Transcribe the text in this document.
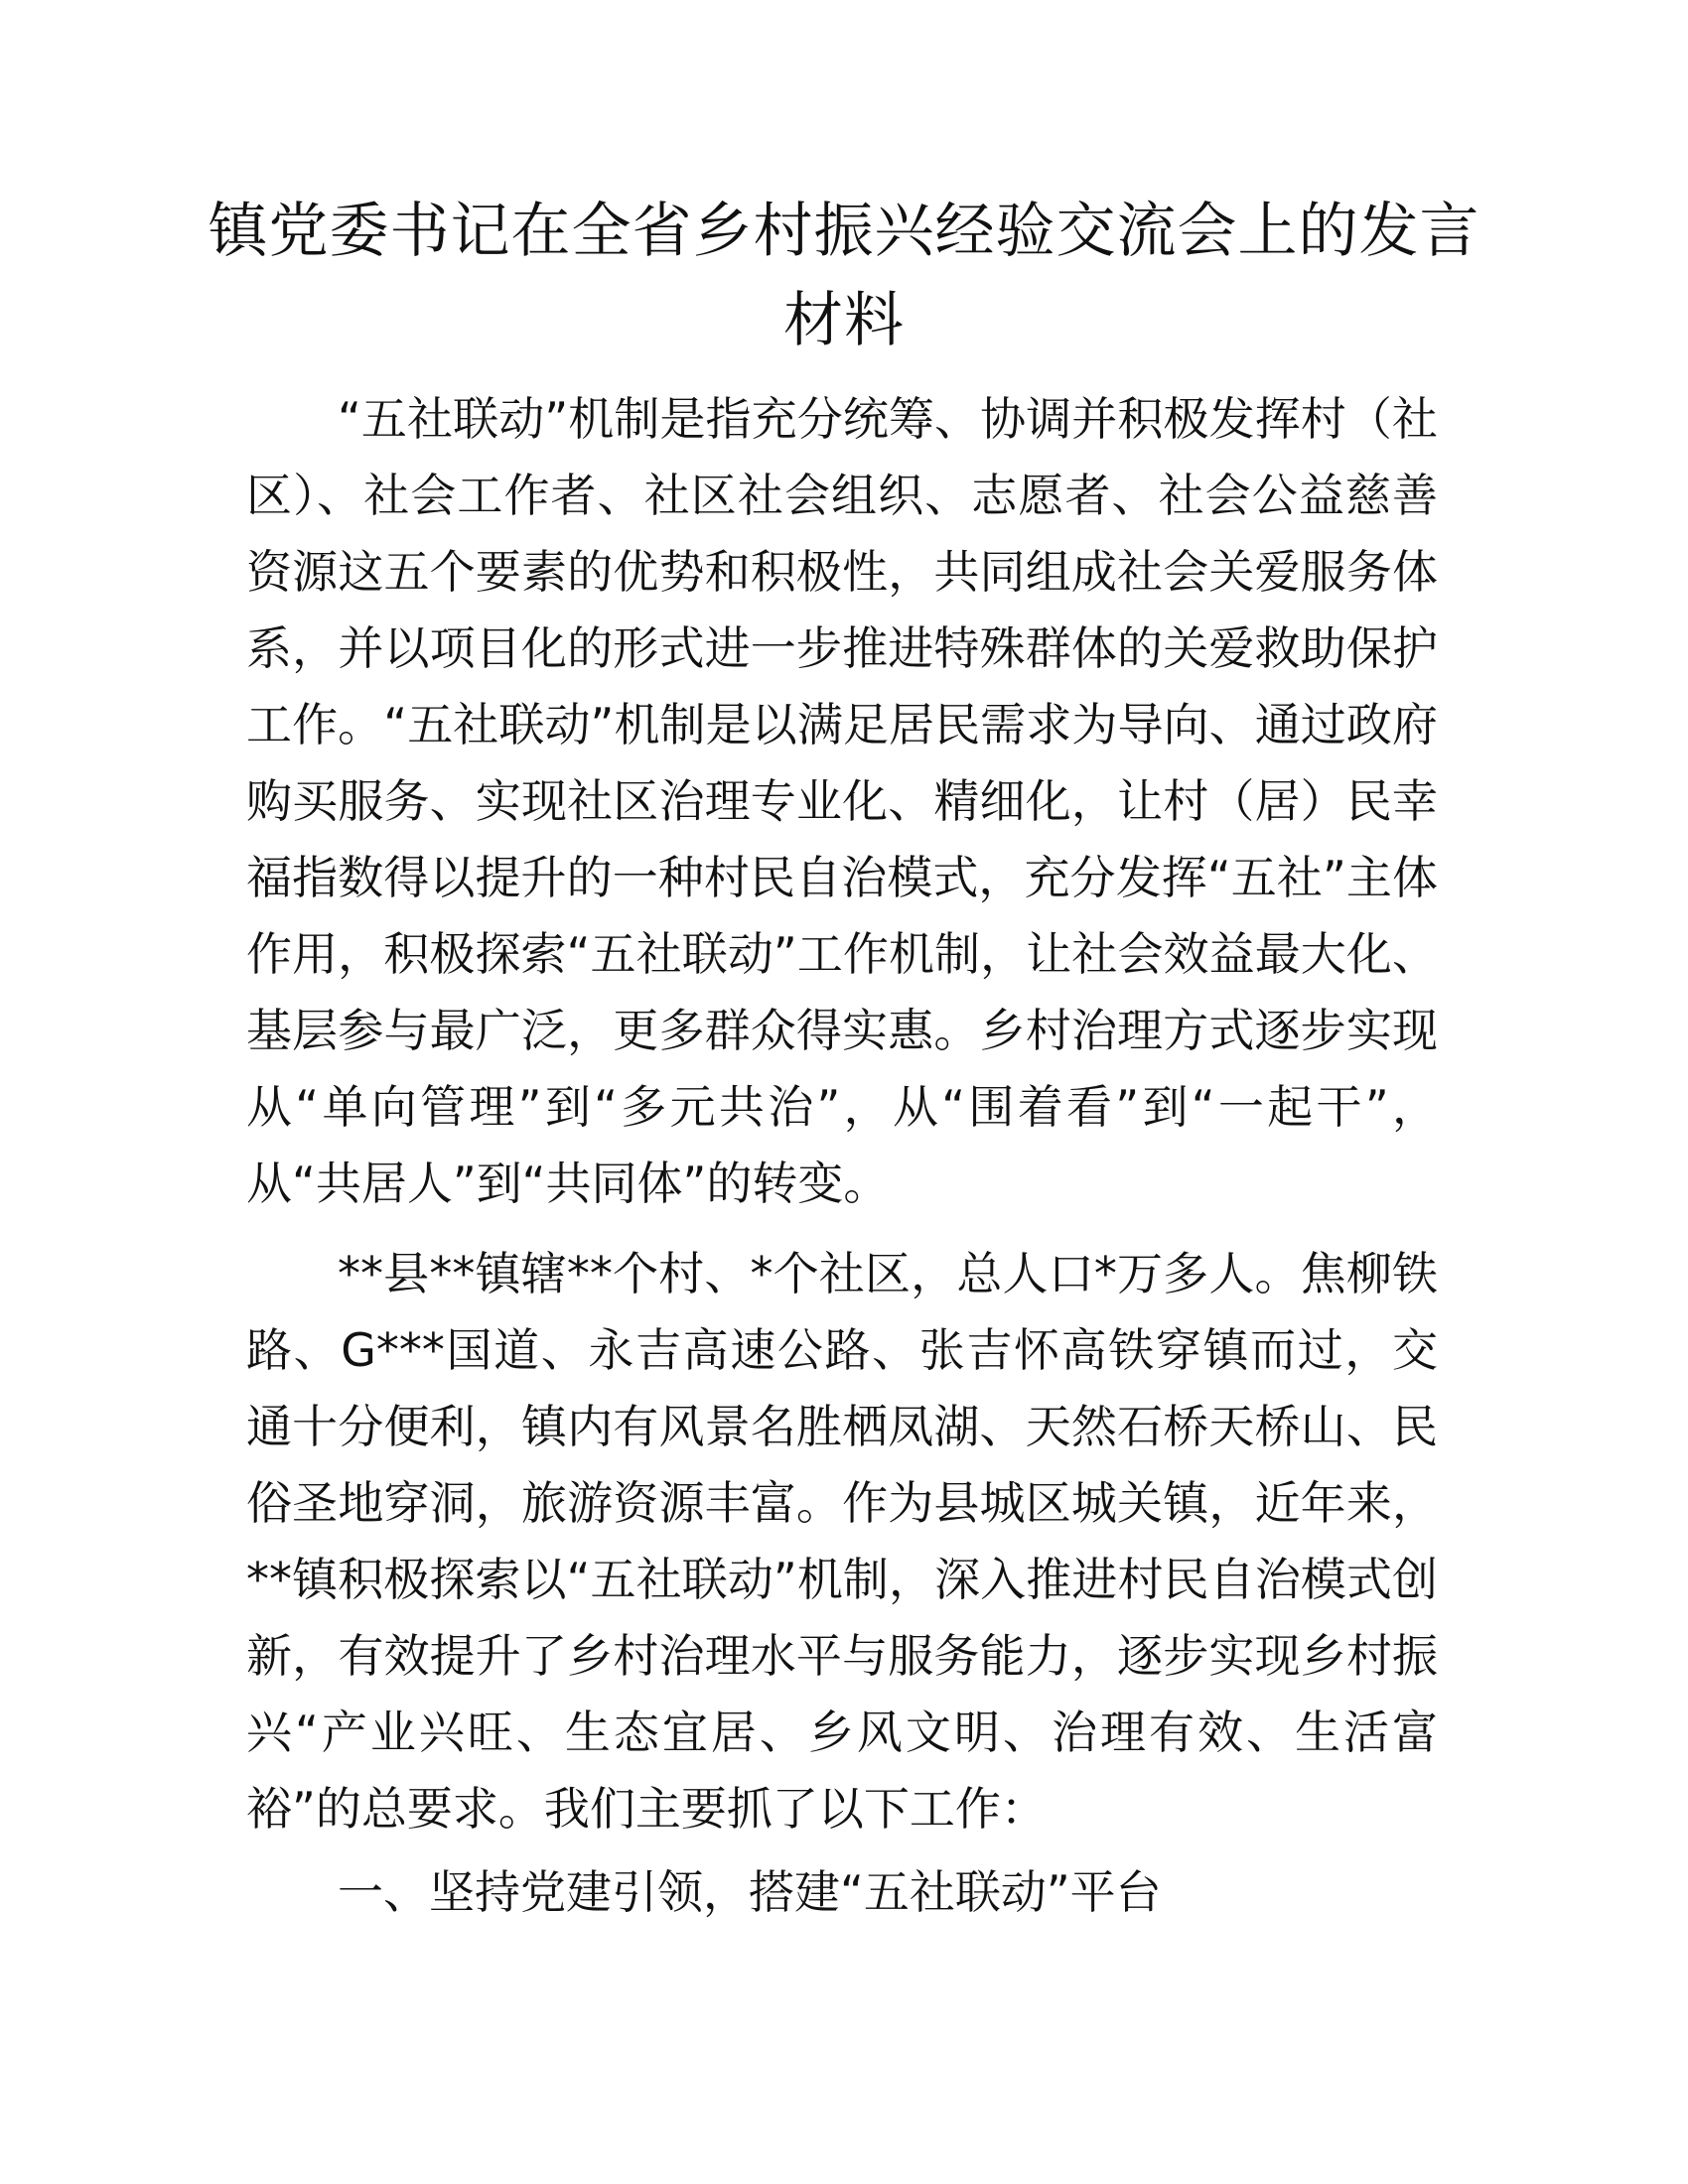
镇党委书记在全省乡村振兴经验交流会上的发言材料

“五社联动”机制是指充分统筹、协调并积极发挥村（社区）、社会工作者、社区社会组织、志愿者、社会公益慈善资源这五个要素的优势和积极性，共同组成社会关爱服务体系，并以项目化的形式进一步推进特殊群体的关爱救助保护工作。“五社联动”机制是以满足居民需求为导向、通过政府购买服务、实现社区治理专业化、精细化，让村（居）民幸福指数得以提升的一种村民自治模式，充分发挥“五社”主体作用，积极探索“五社联动”工作机制，让社会效益最大化、基层参与最广泛，更多群众得实惠。乡村治理方式逐步实现从“单向管理”到“多元共治”，从“围着看”到“一起干”，从“共居人”到“共同体”的转变。

**县**镇辖**个村、*个社区，总人口*万多人。焦柳铁路、G***国道、永吉高速公路、张吉怀高铁穿镇而过，交通十分便利，镇内有风景名胜栖凤湖、天然石桥天桥山、民俗圣地穿洞，旅游资源丰富。作为县城区城关镇，近年来，**镇积极探索以“五社联动”机制，深入推进村民自治模式创新，有效提升了乡村治理水平与服务能力，逐步实现乡村振兴“产业兴旺、生态宜居、乡风文明、治理有效、生活富裕”的总要求。我们主要抓了以下工作：

一、坚持党建引领，搭建“五社联动”平台
